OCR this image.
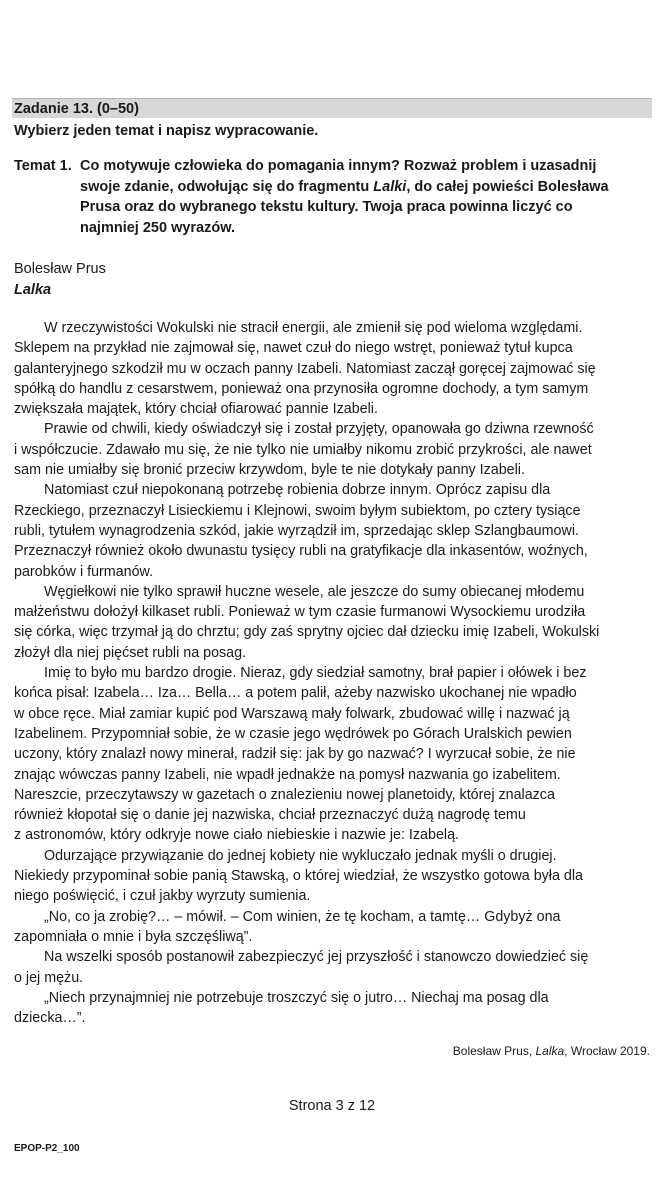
Zadanie 13. (0–50)
Wybierz jeden temat i napisz wypracowanie.
Temat 1. Co motywuje człowieka do pomagania innym? Rozważ problem i uzasadnij
swoje zdanie, odwołując się do fragmentu Lalki, do całej powieści Bolesława
Prusa oraz do wybranego tekstu kultury. Twoja praca powinna liczyć co
najmniej 250 wyrazów.
Bolesław Prus
Lalka
W rzeczywistości Wokulski nie stracił energii, ale zmienił się pod wieloma względami.
Sklepem na przykład nie zajmował się, nawet czuł do niego wstręt, ponieważ tytuł kupca
galanteryjnego szkodził mu w oczach panny Izabeli. Natomiast zaczął goręcej zajmować się
spółką do handlu z cesarstwem, ponieważ ona przynosiła ogromne dochody, a tym samym
zwiększała majątek, który chciał ofiarować pannie Izabeli.
Prawie od chwili, kiedy oświadczył się i został przyjęty, opanowała go dziwna rzewność
i współczucie. Zdawało mu się, że nie tylko nie umiałby nikomu zrobić przykrości, ale nawet
sam nie umiałby się bronić przeciw krzywdom, byle te nie dotykały panny Izabeli.
Natomiast czuł niepokonaną potrzebę robienia dobrze innym. Oprócz zapisu dla
Rzeckiego, przeznaczył Lisieckiemu i Klejnowi, swoim byłym subiektom, po cztery tysiące
rubli, tytułem wynagrodzenia szkód, jakie wyrządził im, sprzedając sklep Szlangbaumowi.
Przeznaczył również około dwunastu tysięcy rubli na gratyfikacje dla inkasentów, woźnych,
parobków i furmanów.
Węgiełkowi nie tylko sprawił huczne wesele, ale jeszcze do sumy obiecanej młodemu
małżeństwu dołożył kilkaset rubli. Ponieważ w tym czasie furmanowi Wysockiemu urodziła
się córka, więc trzymał ją do chrztu; gdy zaś sprytny ojciec dał dziecku imię Izabeli, Wokulski
złożył dla niej pięćset rubli na posag.
Imię to było mu bardzo drogie. Nieraz, gdy siedział samotny, brał papier i ołówek i bez
końca pisał: Izabela… Iza… Bella… a potem palił, ażeby nazwisko ukochanej nie wpadło
w obce ręce. Miał zamiar kupić pod Warszawą mały folwark, zbudować willę i nazwać ją
Izabelinem. Przypomniał sobie, że w czasie jego wędrówek po Górach Uralskich pewien
uczony, który znalazł nowy minerał, radził się: jak by go nazwać? I wyrzucał sobie, że nie
znając wówczas panny Izabeli, nie wpadł jednakże na pomysł nazwania go izabelitem.
Nareszcie, przeczytawszy w gazetach o znalezieniu nowej planetoidy, której znalazca
również kłopotał się o danie jej nazwiska, chciał przeznaczyć dużą nagrodę temu
z astronomów, który odkryje nowe ciało niebieskie i nazwie je: Izabelą.
Odurzające przywiązanie do jednej kobiety nie wykluczało jednak myśli o drugiej.
Niekiedy przypominał sobie panią Stawską, o której wiedział, że wszystko gotowa była dla
niego poświęcić, i czuł jakby wyrzuty sumienia.
„No, co ja zrobię?… – mówił. – Com winien, że tę kocham, a tamtę… Gdybyż ona
zapomniała o mnie i była szczęśliwą”.
Na wszelki sposób postanowił zabezpieczyć jej przyszłość i stanowczo dowiedzieć się
o jej mężu.
„Niech przynajmniej nie potrzebuje troszczyć się o jutro… Niechaj ma posag dla
dziecka…”.
Bolesław Prus, Lalka, Wrocław 2019.
Strona 3 z 12
EPOP-P2_100
